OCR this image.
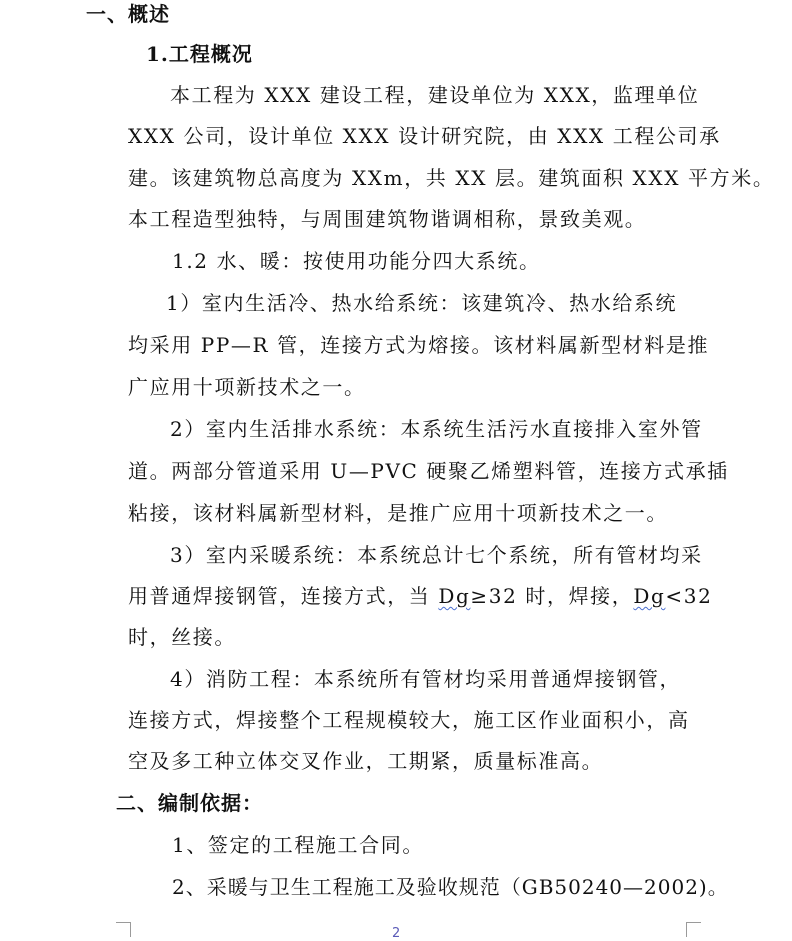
一、概述
1.工程概况
本工程为 XXX 建设工程，建设单位为 XXX，监理单位
XXX 公司，设计单位 XXX 设计研究院，由 XXX 工程公司承
建。该建筑物总高度为 XXm，共 XX 层。建筑面积 XXX 平方米。
本工程造型独特，与周围建筑物谐调相称，景致美观。
1.2 水、暖：按使用功能分四大系统。
1）室内生活冷、热水给系统：该建筑冷、热水给系统
均采用 PP—R 管，连接方式为熔接。该材料属新型材料是推
广应用十项新技术之一。
2）室内生活排水系统：本系统生活污水直接排入室外管
道。两部分管道采用 U—PVC 硬聚乙烯塑料管，连接方式承插
粘接，该材料属新型材料，是推广应用十项新技术之一。
3）室内采暖系统：本系统总计七个系统，所有管材均采
用普通焊接钢管，连接方式，当 Dg≥32 时，焊接，Dg<32
时，丝接。
4）消防工程：本系统所有管材均采用普通焊接钢管，
连接方式，焊接整个工程规模较大，施工区作业面积小，高
空及多工种立体交叉作业，工期紧，质量标准高。
二、编制依据：
1、签定的工程施工合同。
2、采暖与卫生工程施工及验收规范（GB50240—2002)。
2
